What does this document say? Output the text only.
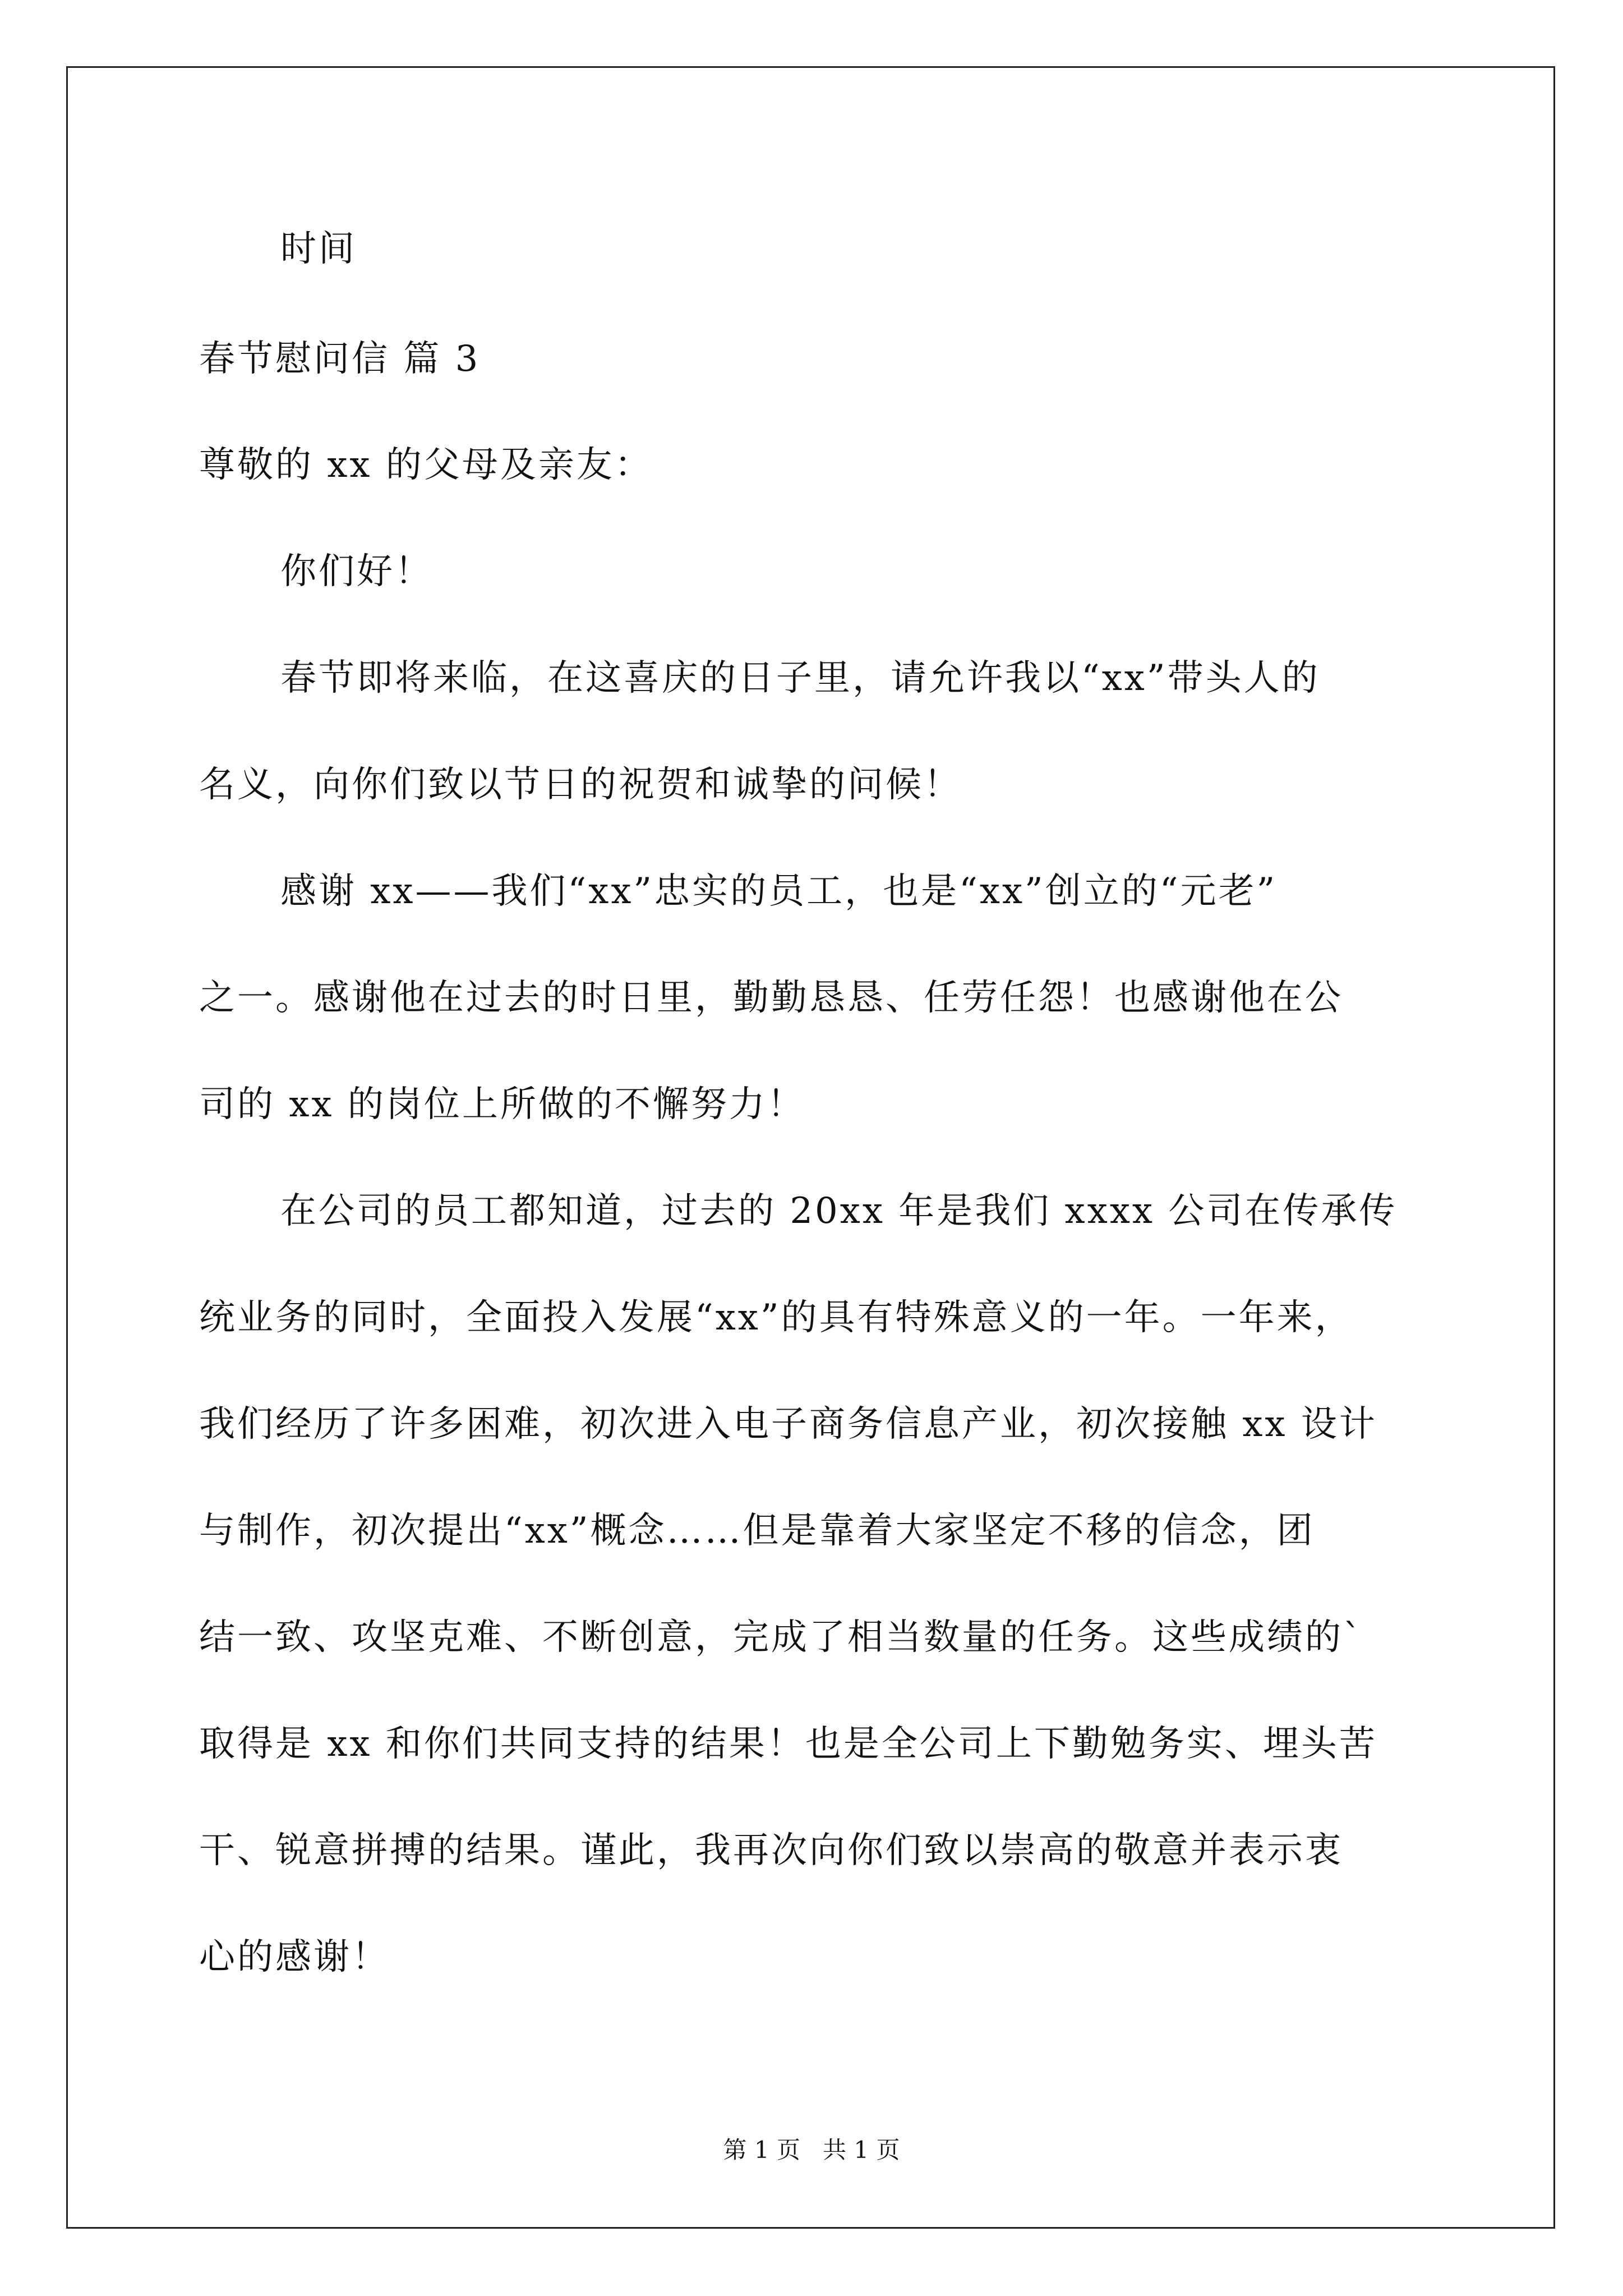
时间
春节慰问信 篇 3
尊敬的 xx 的父母及亲友：
你们好！
春节即将来临，在这喜庆的日子里，请允许我以“xx”带头人的
名义，向你们致以节日的祝贺和诚挚的问候！
感谢 xx——我们“xx”忠实的员工，也是“xx”创立的“元老”
之一。感谢他在过去的时日里，勤勤恳恳、任劳任怨！也感谢他在公
司的 xx 的岗位上所做的不懈努力！
在公司的员工都知道，过去的 20xx 年是我们 xxxx 公司在传承传
统业务的同时，全面投入发展“xx”的具有特殊意义的一年。一年来，
我们经历了许多困难，初次进入电子商务信息产业，初次接触 xx 设计
与制作，初次提出“xx”概念……但是靠着大家坚定不移的信念，团
结一致、攻坚克难、不断创意，完成了相当数量的任务。这些成绩的`
取得是 xx 和你们共同支持的结果！也是全公司上下勤勉务实、埋头苦
干、锐意拼搏的结果。谨此，我再次向你们致以崇高的敬意并表示衷
心的感谢！
第 1 页   共 1 页
